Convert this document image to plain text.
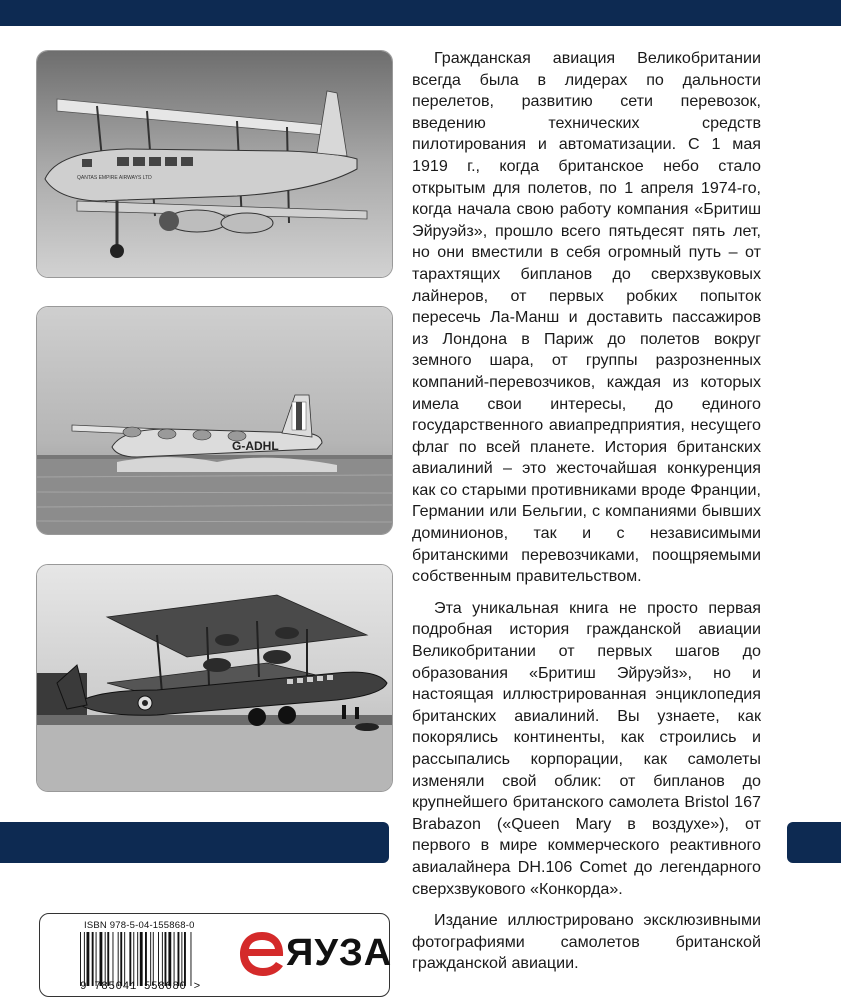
QANTAS EMPIRE AIRWAYS LTD
G-ADHL

Гражданская авиация Великобритании всегда была в лидерах по дальности перелетов, развитию сети перевозок, введению технических средств пилотирования и автоматизации. С 1 мая 1919 г., когда британское небо стало открытым для полетов, по 1 апреля 1974-го, когда начала свою работу компания «Бритиш Эйруэйз», прошло всего пятьдесят пять лет, но они вместили в себя огромный путь – от тарахтящих бипланов до сверхзвуковых лайнеров, от первых робких попыток пересечь Ла-Манш и доставить пассажиров из Лондона в Париж до полетов вокруг земного шара, от группы разрозненных компаний-перевозчиков, каждая из которых имела свои интересы, до единого государственного авиапредприятия, несущего флаг по всей планете. История британских авиалиний – это жесточайшая конкуренция как со старыми противниками вроде Франции, Германии или Бельгии, с компаниями бывших доминионов, так и с независимыми британскими перевозчиками, поощряемыми собственным правительством.

Эта уникальная книга не просто первая подробная история гражданской авиации Великобритании от первых шагов до образования «Бритиш Эйруэйз», но и настоящая иллюстрированная энциклопедия британских авиалиний. Вы узнаете, как покорялись континенты, как строились и рассыпались корпорации, как самолеты изменяли свой облик: от бипланов до крупнейшего британского самолета Bristol 167 Brabazon («Queen Mary в воздухе»), от первого в мире коммерческого реактивного авиалайнера DH.106 Comet до легендарного сверхзвукового «Конкорда».

Издание иллюстрировано эксклюзивными фотографиями самолетов британской гражданской авиации.

ISBN 978-5-04-155868-0
9 785041 558680 >
ЯУЗА
